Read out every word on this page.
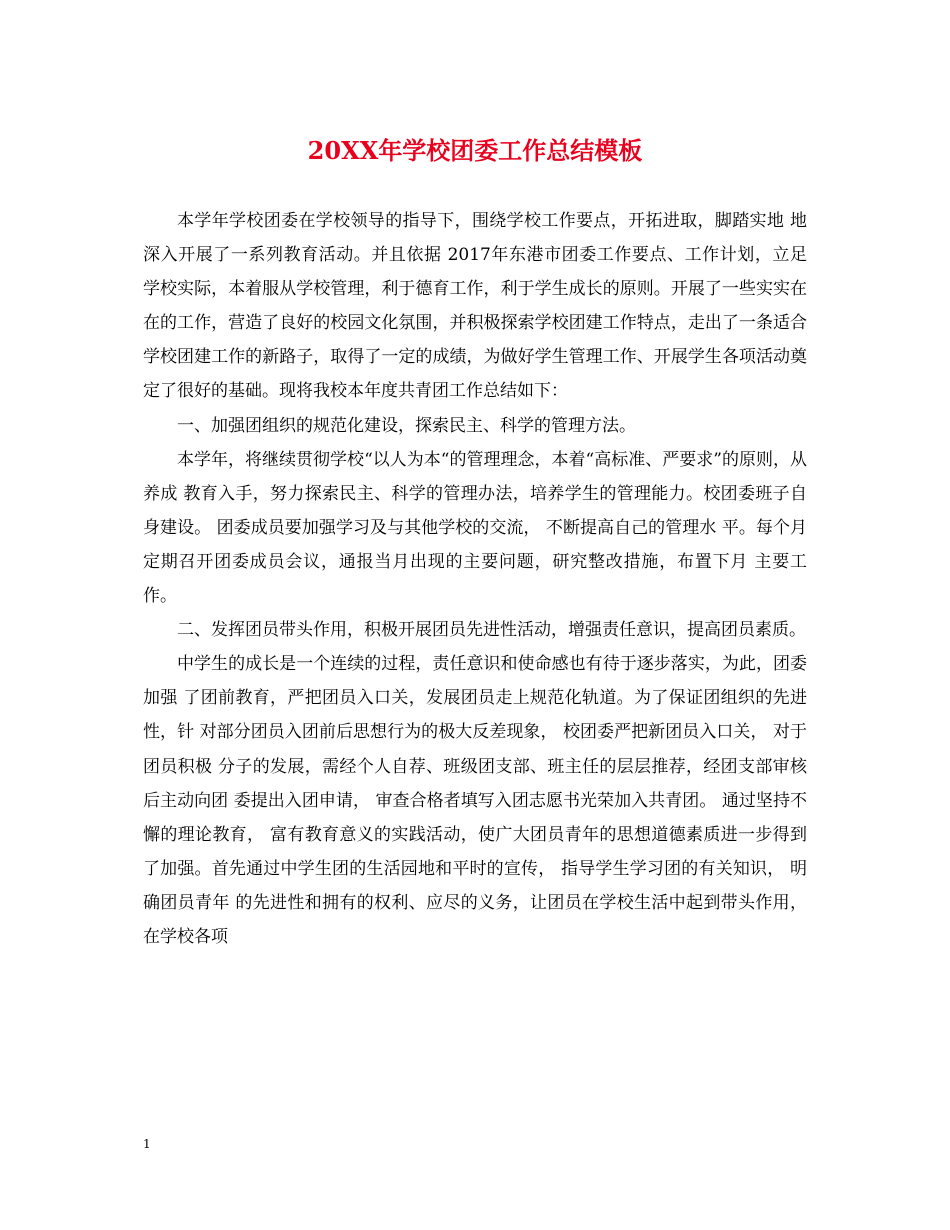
20XX年学校团委工作总结模板

本学年学校团委在学校领导的指导下，围绕学校工作要点，开拓进取，脚踏实地 地深入开展了一系列教育活动。并且依据 2017年东港市团委工作要点、工作计划，立足 学校实际，本着服从学校管理，利于德育工作，利于学生成长的原则。开展了一些实实在 在的工作，营造了良好的校园文化氛围，并积极探索学校团建工作特点，走出了一条适合 学校团建工作的新路子，取得了一定的成绩，为做好学生管理工作、开展学生各项活动奠 定了很好的基础。现将我校本年度共青团工作总结如下：

一、加强团组织的规范化建设，探索民主、科学的管理方法。

本学年，将继续贯彻学校“以人为本“的管理理念，本着“高标准、严要求”的原则，从养成 教育入手，努力探索民主、科学的管理办法，培养学生的管理能力。校团委班子自身建设。 团委成员要加强学习及与其他学校的交流， 不断提高自己的管理水 平。每个月定期召开团委成员会议，通报当月出现的主要问题，研究整改措施，布置下月 主要工作。

二、发挥团员带头作用，积极开展团员先进性活动，增强责任意识，提高团员素质。

中学生的成长是一个连续的过程，责任意识和使命感也有待于逐步落实，为此，团委加强 了团前教育，严把团员入口关，发展团员走上规范化轨道。为了保证团组织的先进性，针 对部分团员入团前后思想行为的极大反差现象， 校团委严把新团员入口关， 对于团员积极 分子的发展，需经个人自荐、班级团支部、班主任的层层推荐，经团支部审核后主动向团 委提出入团申请， 审查合格者填写入团志愿书光荣加入共青团。 通过坚持不懈的理论教育， 富有教育意义的实践活动，使广大团员青年的思想道德素质进一步得到了加强。首先通过中学生团的生活园地和平时的宣传， 指导学生学习团的有关知识， 明确团员青年 的先进性和拥有的权利、应尽的义务，让团员在学校生活中起到带头作用，在学校各项

1
